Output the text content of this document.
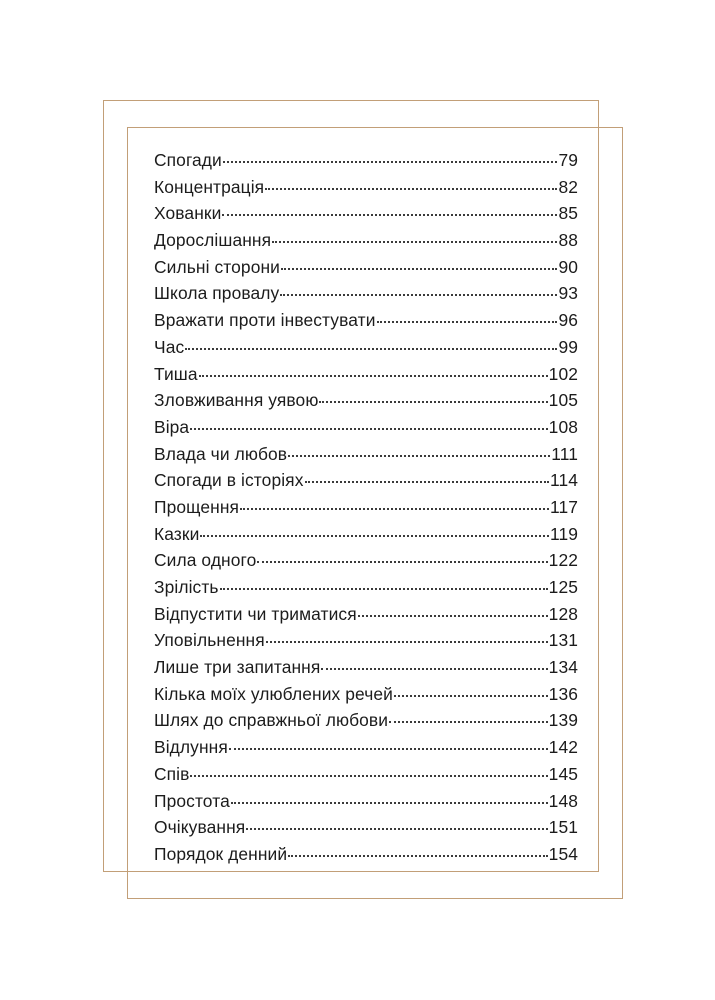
Спогади	79
Концентрація	82
Хованки	85
Дорослішання	88
Сильні сторони	90
Школа провалу	93
Вражати проти інвестувати	96
Час	99
Тиша	102
Зловживання уявою	105
Віра	108
Влада чи любов	111
Спогади в історіях	114
Прощення	117
Казки	119
Сила одного	122
Зрілість	125
Відпустити чи триматися	128
Уповільнення	131
Лише три запитання	134
Кілька моїх улюблених речей	136
Шлях до справжньої любови	139
Відлуння	142
Спів	145
Простота	148
Очікування	151
Порядок денний	154
